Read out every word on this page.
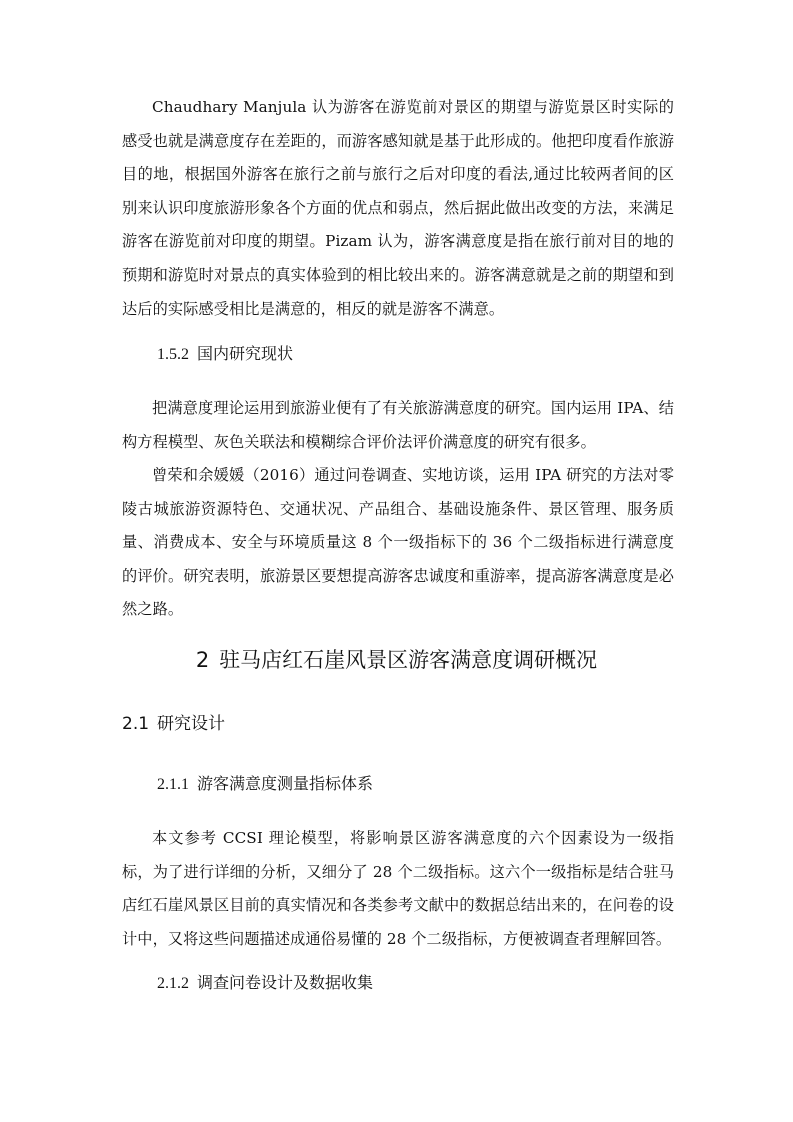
Chaudhary Manjula 认为游客在游览前对景区的期望与游览景区时实际的感受也就是满意度存在差距的，而游客感知就是基于此形成的。他把印度看作旅游目的地，根据国外游客在旅行之前与旅行之后对印度的看法,通过比较两者间的区别来认识印度旅游形象各个方面的优点和弱点，然后据此做出改变的方法，来满足游客在游览前对印度的期望。Pizam 认为，游客满意度是指在旅行前对目的地的预期和游览时对景点的真实体验到的相比较出来的。游客满意就是之前的期望和到达后的实际感受相比是满意的，相反的就是游客不满意。

1.5.2 国内研究现状

把满意度理论运用到旅游业便有了有关旅游满意度的研究。国内运用 IPA、结构方程模型、灰色关联法和模糊综合评价法评价满意度的研究有很多。

曾荣和余媛媛（2016）通过问卷调查、实地访谈，运用 IPA 研究的方法对零陵古城旅游资源特色、交通状况、产品组合、基础设施条件、景区管理、服务质量、消费成本、安全与环境质量这 8 个一级指标下的 36 个二级指标进行满意度的评价。研究表明，旅游景区要想提高游客忠诚度和重游率，提高游客满意度是必然之路。

2 驻马店红石崖风景区游客满意度调研概况
2.1 研究设计
2.1.1 游客满意度测量指标体系

本文参考 CCSI 理论模型，将影响景区游客满意度的六个因素设为一级指标，为了进行详细的分析，又细分了 28 个二级指标。这六个一级指标是结合驻马店红石崖风景区目前的真实情况和各类参考文献中的数据总结出来的，在问卷的设计中，又将这些问题描述成通俗易懂的 28 个二级指标，方便被调查者理解回答。

2.1.2 调查问卷设计及数据收集
